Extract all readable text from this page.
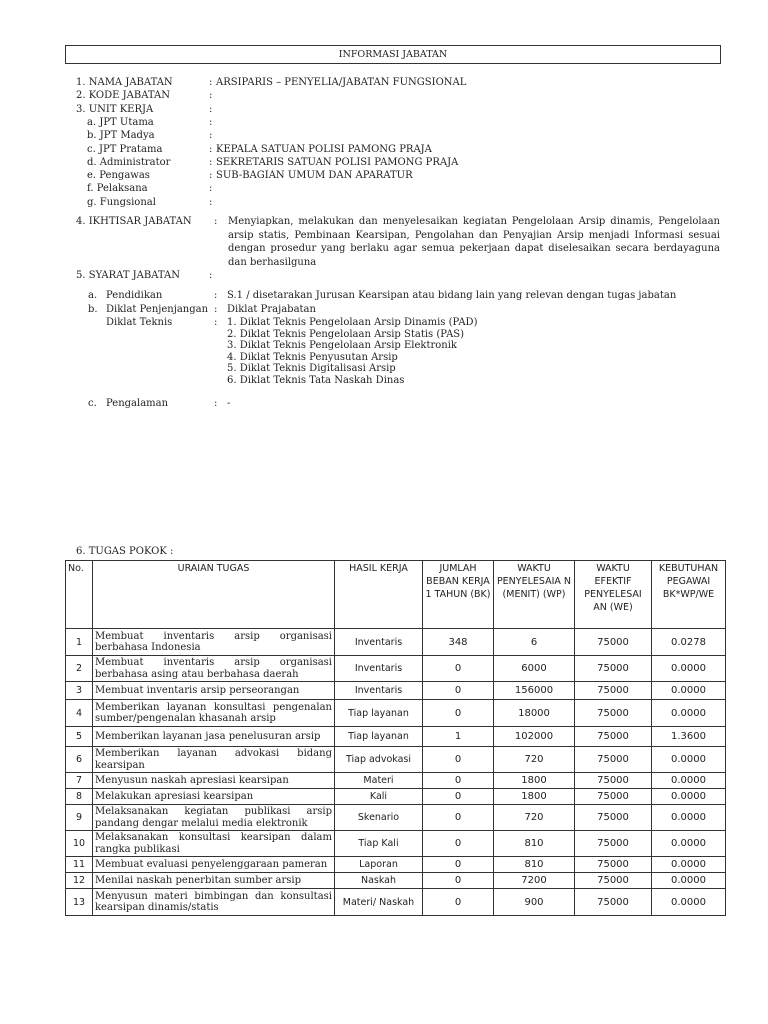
INFORMASI JABATAN
1. NAMA JABATAN	: ARSIPARIS – PENYELIA/JABATAN FUNGSIONAL
2. KODE JABATAN	:
3. UNIT KERJA	:
a. JPT Utama	:
b. JPT Madya	:
c. JPT Pratama	: KEPALA SATUAN POLISI PAMONG PRAJA
d. Administrator	: SEKRETARIS SATUAN POLISI PAMONG PRAJA
e. Pengawas	: SUB-BAGIAN UMUM DAN APARATUR
f. Pelaksana	:
g. Fungsional	:
4. IKHTISAR JABATAN : Menyiapkan, melakukan dan menyelesaikan kegiatan Pengelolaan Arsip dinamis, Pengelolaan arsip statis, Pembinaan Kearsipan, Pengolahan dan Penyajian Arsip menjadi Informasi sesuai dengan prosedur yang berlaku agar semua pekerjaan dapat diselesaikan secara berdayaguna dan berhasilguna
5. SYARAT JABATAN	:
a. Pendidikan	: S.1 / disetarakan Jurusan Kearsipan atau bidang lain yang relevan dengan tugas jabatan
b. Diklat Penjenjangan : Diklat Prajabatan
Diklat Teknis	: 1. Diklat Teknis Pengelolaan Arsip Dinamis (PAD)
2. Diklat Teknis Pengelolaan Arsip Statis (PAS)
3. Diklat Teknis Pengelolaan Arsip Elektronik
4. Diklat Teknis Penyusutan Arsip
5. Diklat Teknis Digitalisasi Arsip
6. Diklat Teknis Tata Naskah Dinas
c. Pengalaman	: -
6. TUGAS POKOK :
No.	URAIAN TUGAS	HASIL KERJA	JUMLAH BEBAN KERJA 1 TAHUN (BK)	WAKTU PENYELESAIA N (MENIT) (WP)	WAKTU EFEKTIF PENYELESAI AN (WE)	KEBUTUHAN PEGAWAI BK*WP/WE
1	Membuat inventaris arsip organisasi berbahasa Indonesia	Inventaris	348	6	75000	0.0278
2	Membuat inventaris arsip organisasi berbahasa asing atau berbahasa daerah	Inventaris	0	6000	75000	0.0000
3	Membuat inventaris arsip perseorangan	Inventaris	0	156000	75000	0.0000
4	Memberikan layanan konsultasi pengenalan sumber/pengenalan khasanah arsip	Tiap layanan	0	18000	75000	0.0000
5	Memberikan layanan jasa penelusuran arsip	Tiap layanan	1	102000	75000	1.3600
6	Memberikan layanan advokasi bidang kearsipan	Tiap advokasi	0	720	75000	0.0000
7	Menyusun naskah apresiasi kearsipan	Materi	0	1800	75000	0.0000
8	Melakukan apresiasi kearsipan	Kali	0	1800	75000	0.0000
9	Melaksanakan kegiatan publikasi arsip pandang dengar melalui media elektronik	Skenario	0	720	75000	0.0000
10	Melaksanakan konsultasi kearsipan dalam rangka publikasi	Tiap Kali	0	810	75000	0.0000
11	Membuat evaluasi penyelenggaraan pameran	Laporan	0	810	75000	0.0000
12	Menilai naskah penerbitan sumber arsip	Naskah	0	7200	75000	0.0000
13	Menyusun materi bimbingan dan konsultasi kearsipan dinamis/statis	Materi/ Naskah	0	900	75000	0.0000
